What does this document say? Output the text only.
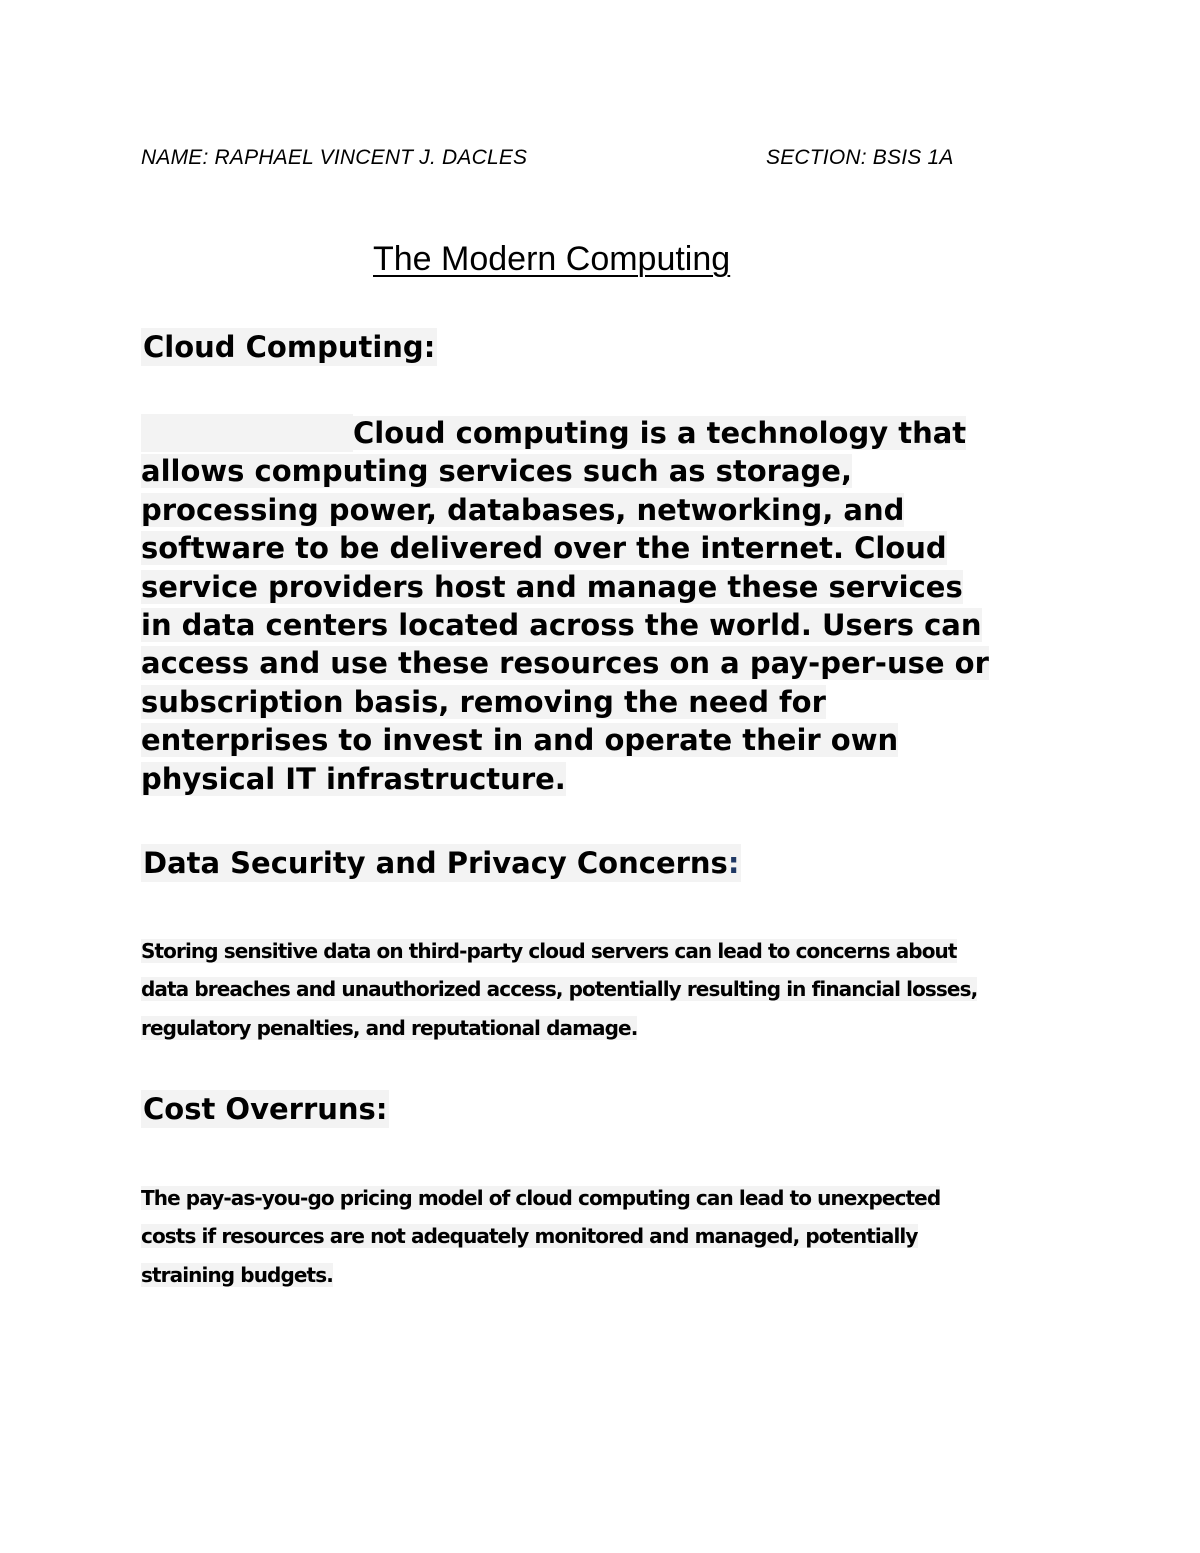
NAME: RAPHAEL VINCENT J. DACLES	SECTION: BSIS 1A
The Modern Computing
Cloud Computing:
Cloud computing is a technology that
allows computing services such as storage,
processing power, databases, networking, and
software to be delivered over the internet. Cloud
service providers host and manage these services
in data centers located across the world. Users can
access and use these resources on a pay-per-use or
subscription basis, removing the need for
enterprises to invest in and operate their own
physical IT infrastructure.
Data Security and Privacy Concerns:
Storing sensitive data on third-party cloud servers can lead to concerns about
data breaches and unauthorized access, potentially resulting in financial losses,
regulatory penalties, and reputational damage.
Cost Overruns:
The pay-as-you-go pricing model of cloud computing can lead to unexpected
costs if resources are not adequately monitored and managed, potentially
straining budgets.
